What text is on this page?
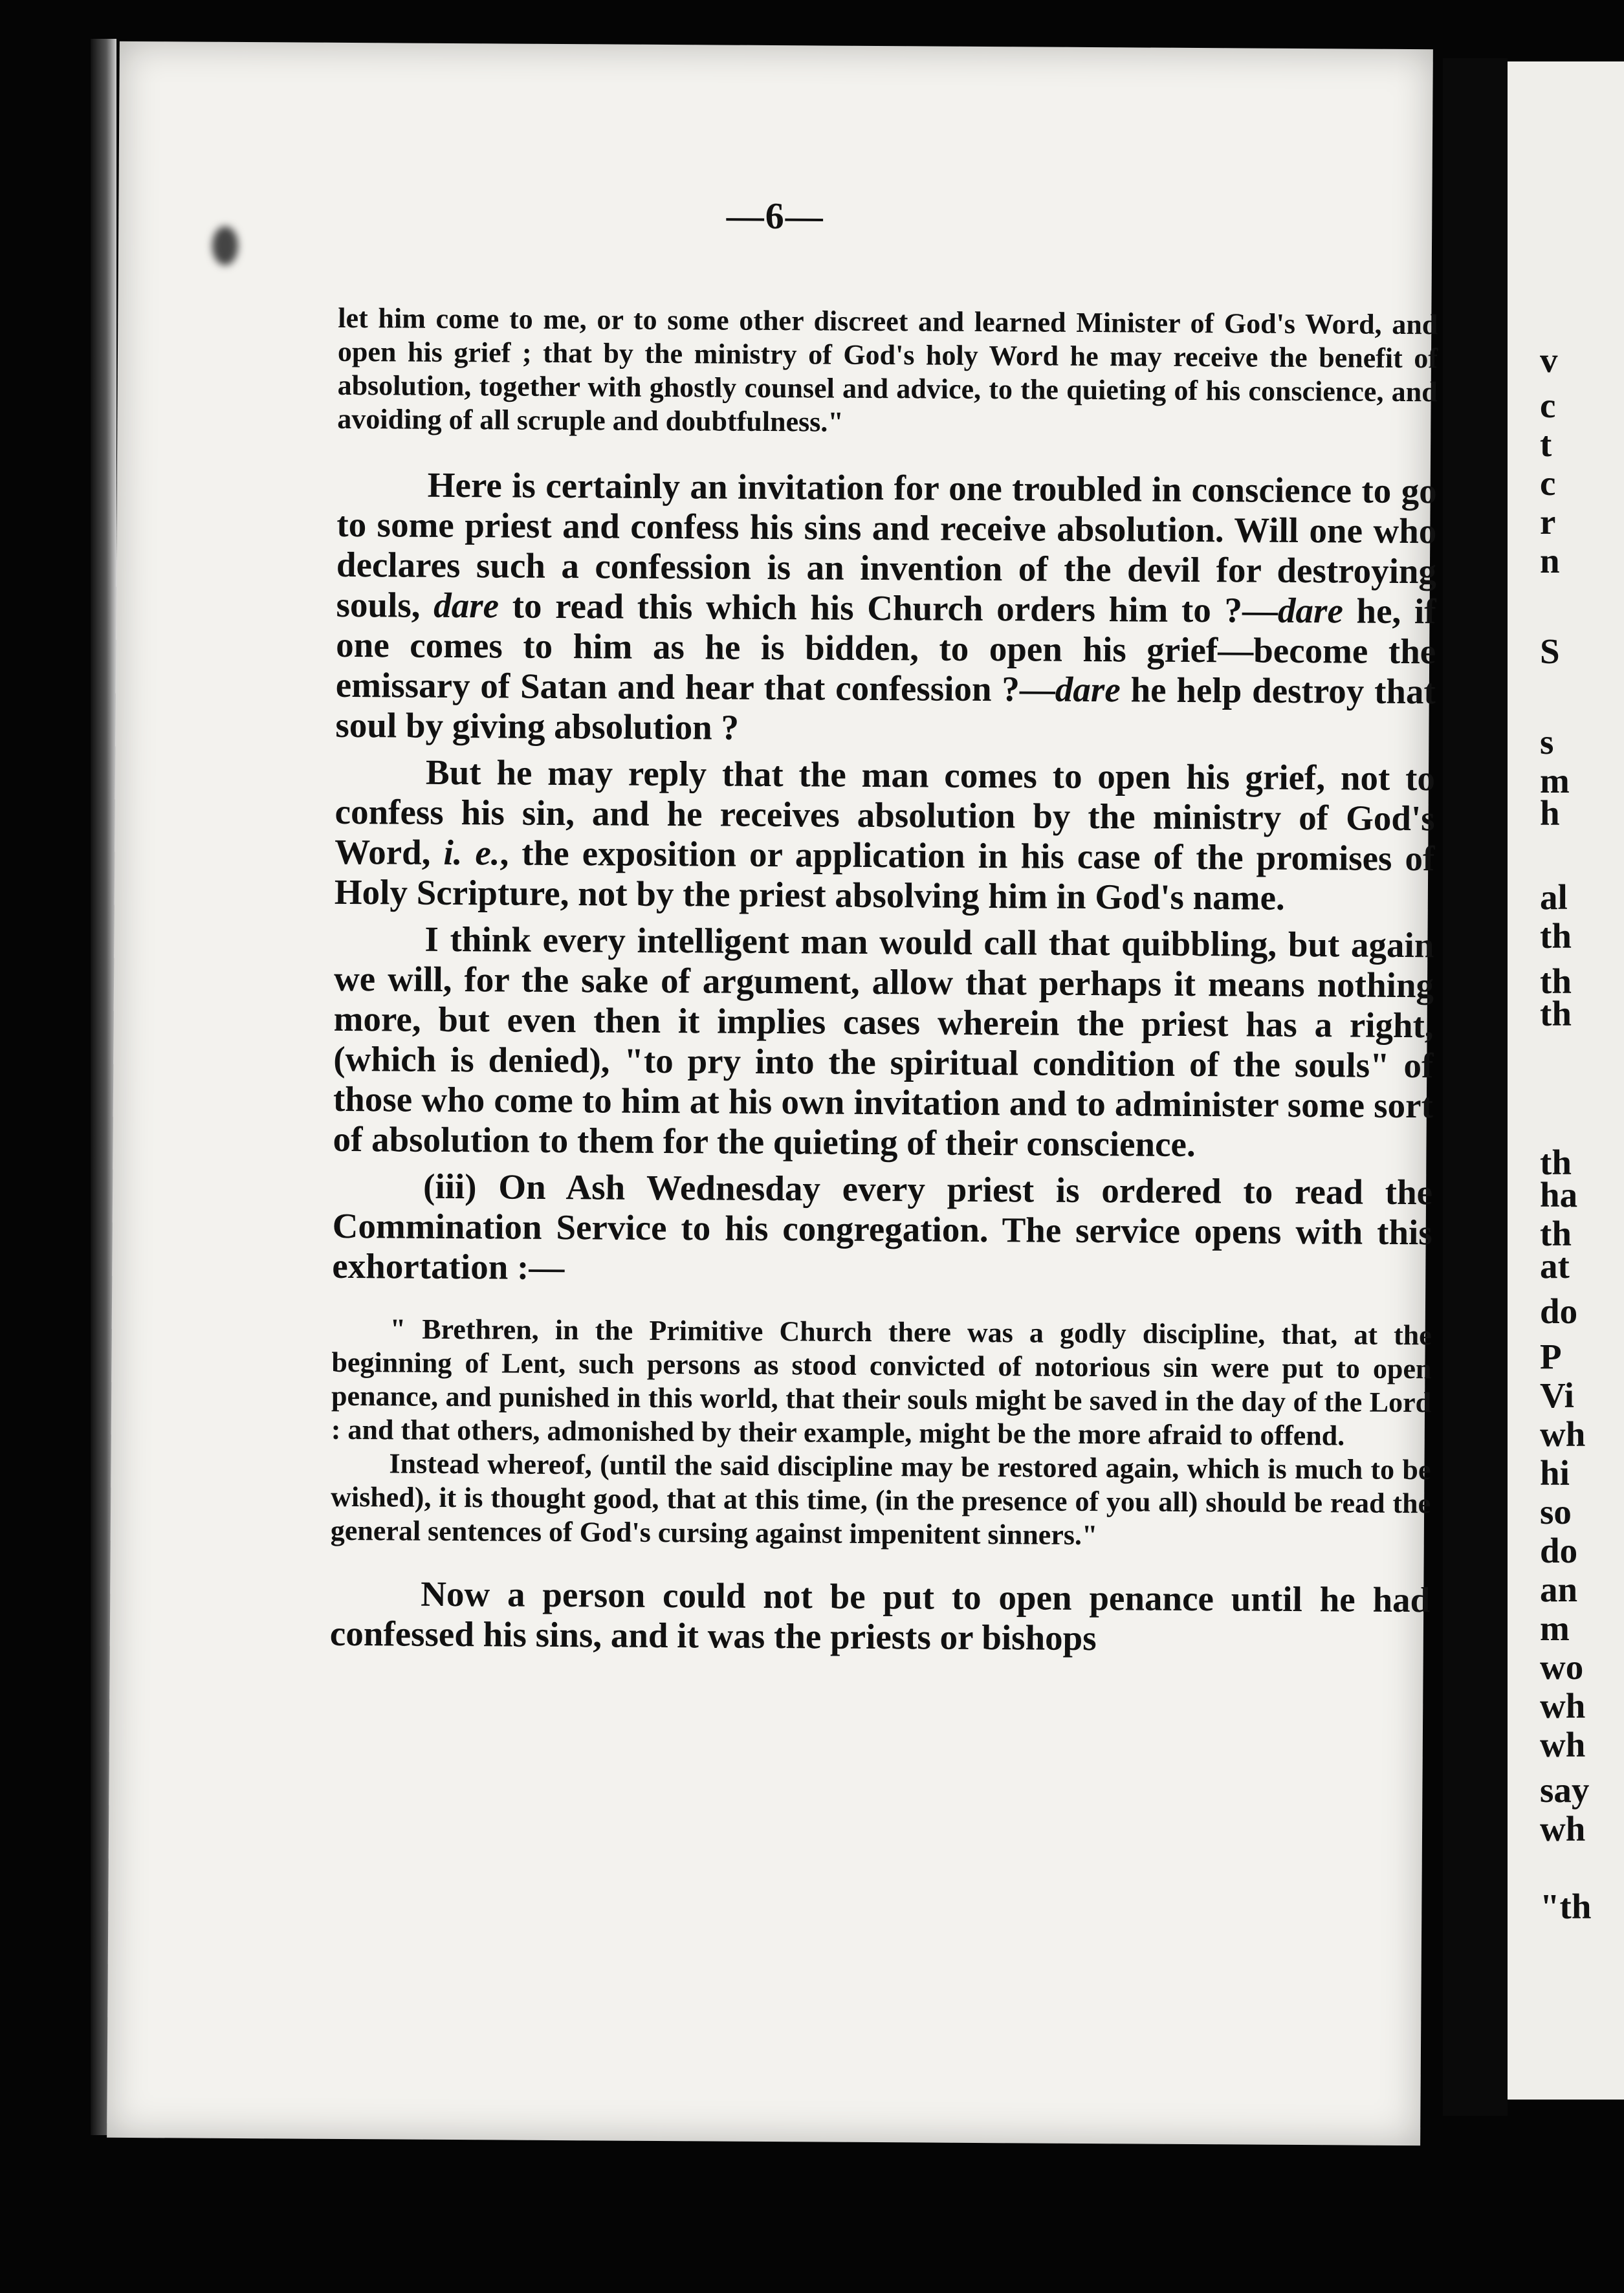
—6—

let him come to me, or to some other discreet and learned Minister of God's Word, and open his grief ; that by the ministry of God's holy Word he may receive the benefit of absolution, together with ghostly counsel and advice, to the quieting of his conscience, and avoiding of all scruple and doubtfulness."

Here is certainly an invitation for one troubled in conscience to go to some priest and confess his sins and receive absolution. Will one who declares such a confession is an invention of the devil for destroying souls, dare to read this which his Church orders him to ?—dare he, if one comes to him as he is bidden, to open his grief—become the emissary of Satan and hear that confession ?—dare he help destroy that soul by giving absolution ?

But he may reply that the man comes to open his grief, not to confess his sin, and he receives absolution by the ministry of God's Word, i. e., the exposition or application in his case of the promises of Holy Scripture, not by the priest absolving him in God's name.

I think every intelligent man would call that quibbling, but again we will, for the sake of argument, allow that perhaps it means nothing more, but even then it implies cases wherein the priest has a right, (which is denied), "to pry into the spiritual condition of the souls" of those who come to him at his own invitation and to administer some sort of absolution to them for the quieting of their conscience.

(iii) On Ash Wednesday every priest is ordered to read the Commination Service to his congregation. The service opens with this exhortation :—

" Brethren, in the Primitive Church there was a godly discipline, that, at the beginning of Lent, such persons as stood convicted of notorious sin were put to open penance, and punished in this world, that their souls might be saved in the day of the Lord : and that others, admonished by their example, might be the more afraid to offend.

Instead whereof, (until the said discipline may be restored again, which is much to be wished), it is thought good, that at this time, (in the presence of you all) should be read the general sentences of God's cursing against impenitent sinners."

Now a person could not be put to open penance until he had confessed his sins, and it was the priests or bishops

v
c
t
c
r
n
S
s
m
h
al
th
th
th
th
ha
th
at
do
P
Vi
wh
hi
so
do
an
m
wo
wh
wh
say
wh
"th
